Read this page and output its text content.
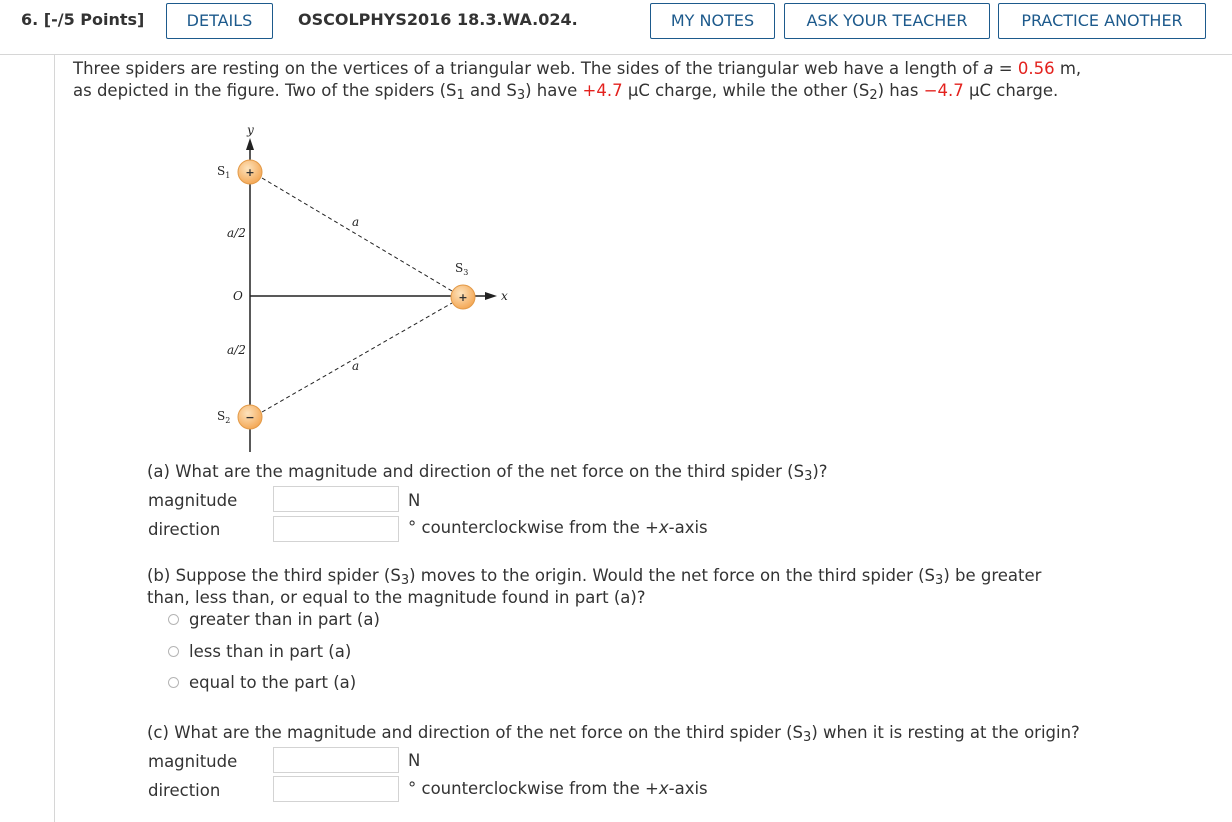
6. [-/5 Points]	DETAILS	OSCOLPHYS2016 18.3.WA.024.	MY NOTES	ASK YOUR TEACHER	PRACTICE ANOTHER
Three spiders are resting on the vertices of a triangular web. The sides of the triangular web have a length of a = 0.56 m,
as depicted in the figure. Two of the spiders ($S_1$ and $S_3$) have +4.7 μC charge, while the other $(S_2)$ has −4.7 μC charge.
y
x
$S_1$
$S_2$
$S_3$
a/2
O
a/2
a
a
+
−
+
(a) What are the magnitude and direction of the net force on the third spider $(S_3)$?
magnitude	N
direction	° counterclockwise from the +x-axis
(b) Suppose the third spider $(S_3)$ moves to the origin. Would the net force on the third spider $(S_3)$ be greater
than, less than, or equal to the magnitude found in part (a)?
greater than in part (a)
less than in part (a)
equal to the part (a)
(c) What are the magnitude and direction of the net force on the third spider $(S_3)$ when it is resting at the origin?
magnitude	N
direction	° counterclockwise from the +x-axis
